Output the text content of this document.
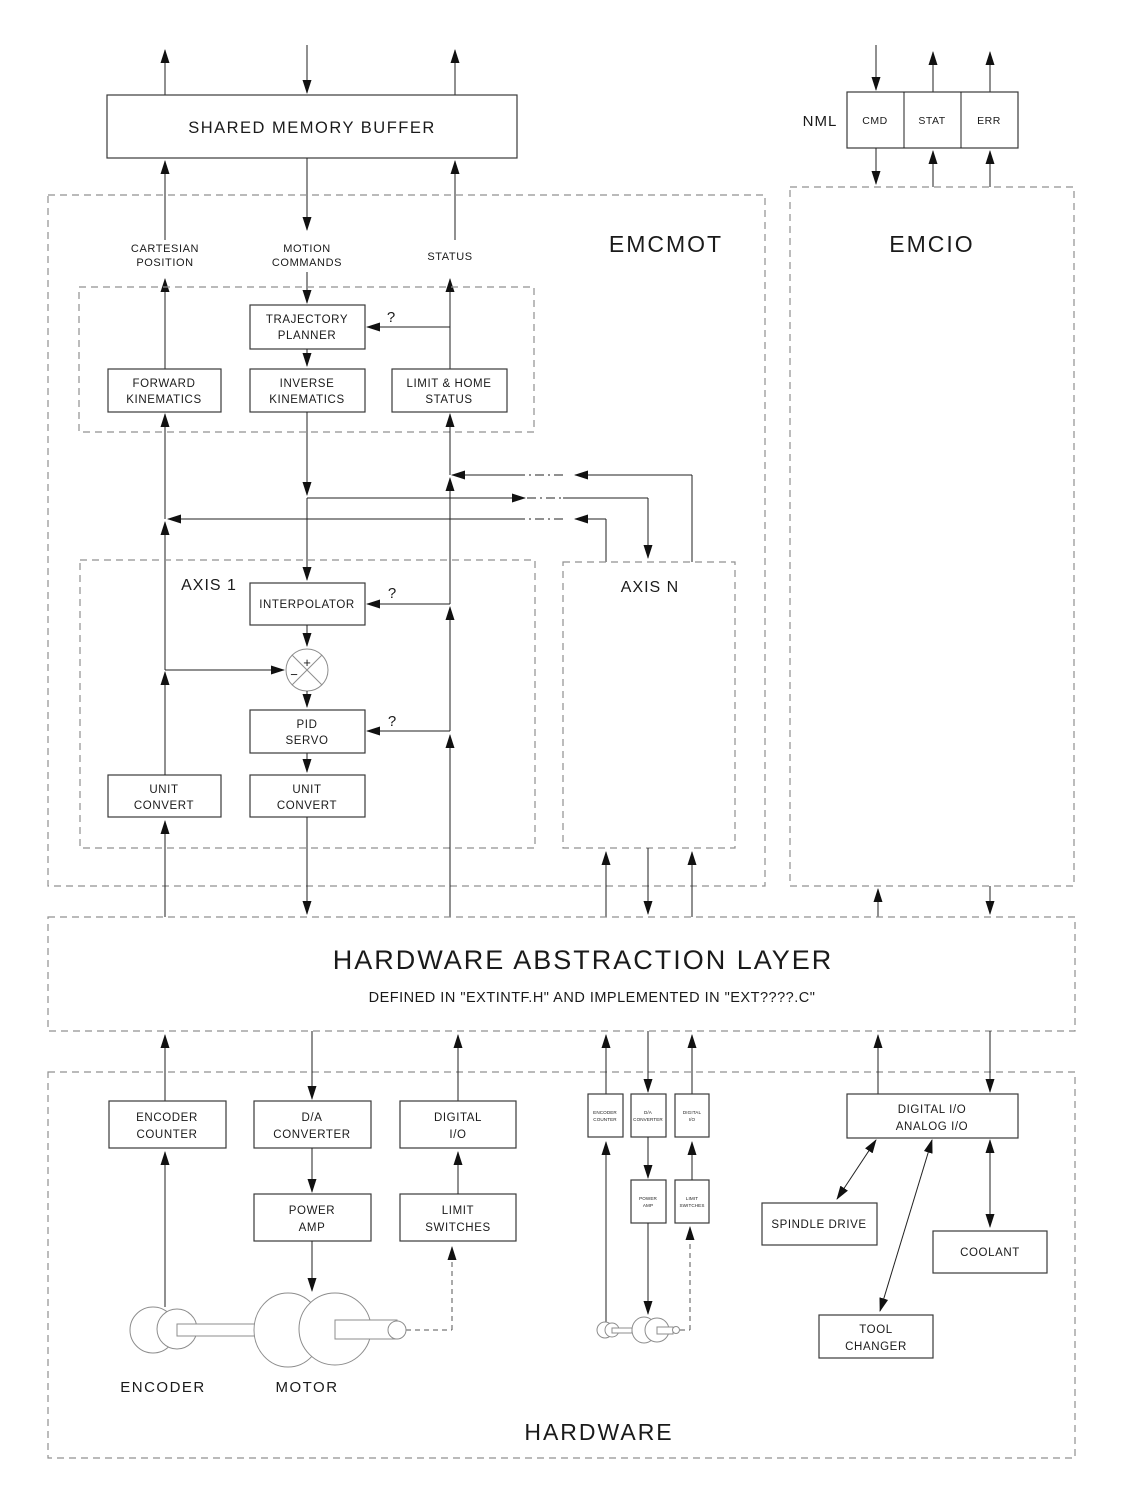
SHARED MEMORY BUFFER	NML CMD	STAT	ERR
EMCMOT
CARTESIAN
POSITION
MOTION
COMMANDS	STATUS
TRAJECTORY
PLANNER
?
FORWARD
KINEMATICS
INVERSE
KINEMATICS
LIMIT & HOME
STATUS
AXIS 1
INTERPOLATOR
?
+
−
PID
SERVO
?
UNIT
CONVERT
UNIT
CONVERT
AXIS N
EMCIO
HARDWARE ABSTRACTION LAYER
DEFINED IN "EXTINTF.H" AND IMPLEMENTED IN "EXT????.C"
HARDWARE
ENCODER
COUNTER
D/A
CONVERTER
DIGITAL
I/O
POWER
AMP
LIMIT
SWITCHES
ENCODER	MOTOR
ENCODER
COUNTER
D/A
CONVERTER
DIGITAL
I/O
POWER
AMP
LIMIT
SWITCHES
DIGITAL I/O
ANALOG I/O
SPINDLE DRIVE
COOLANT
TOOL
CHANGER
